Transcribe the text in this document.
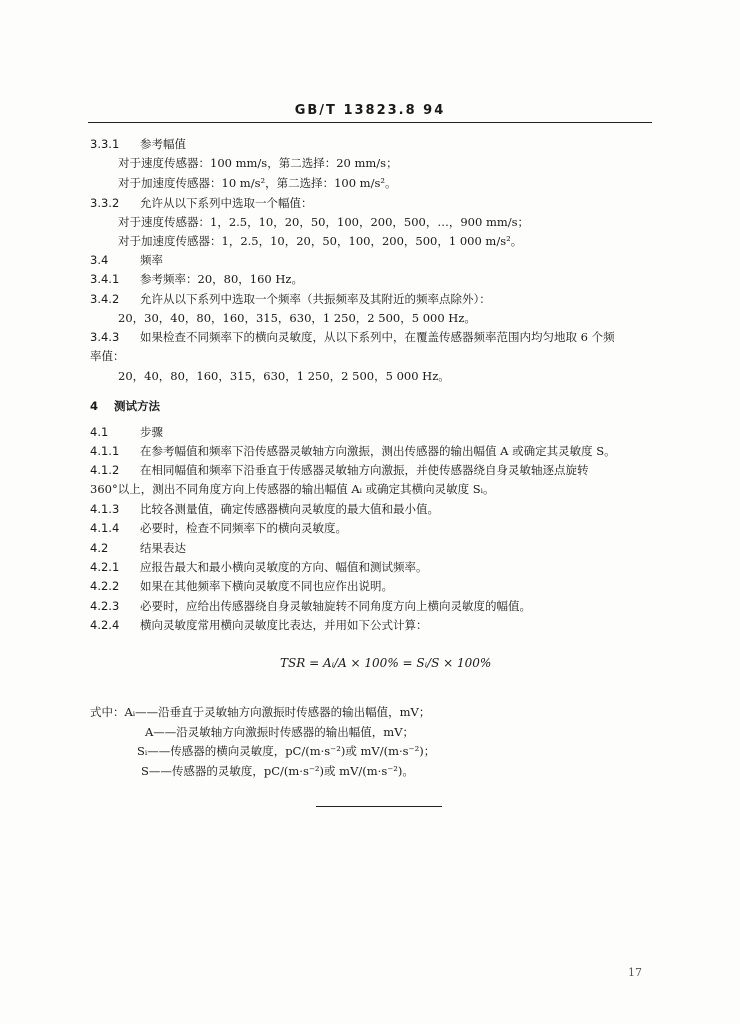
GB/T 13823.8 94
3.3.1 参考幅值
对于速度传感器：100 mm/s，第二选择：20 mm/s；
对于加速度传感器：10 m/s²，第二选择：100 m/s²。
3.3.2 允许从以下系列中选取一个幅值：
对于速度传感器：1，2.5，10，20，50，100，200，500，…，900 mm/s；
对于加速度传感器：1，2.5，10，20，50，100，200，500，1 000 m/s²。
3.4	频率
3.4.1 参考频率：20，80，160 Hz。
3.4.2 允许从以下系列中选取一个频率（共振频率及其附近的频率点除外）：
20，30，40，80，160，315，630，1 250，2 500，5 000 Hz。
3.4.3 如果检查不同频率下的横向灵敏度，从以下系列中，在覆盖传感器频率范围内均匀地取 6 个频
率值：
20，40，80，160，315，630，1 250，2 500，5 000 Hz。
4 测试方法
4.1	步骤
4.1.1 在参考幅值和频率下沿传感器灵敏轴方向激振，测出传感器的输出幅值 A 或确定其灵敏度 S。
4.1.2 在相同幅值和频率下沿垂直于传感器灵敏轴方向激振，并使传感器绕自身灵敏轴逐点旋转
360°以上，测出不同角度方向上传感器的输出幅值 Aᵢ 或确定其横向灵敏度 Sᵢ。
4.1.3 比较各测量值，确定传感器横向灵敏度的最大值和最小值。
4.1.4 必要时，检查不同频率下的横向灵敏度。
4.2	结果表达
4.2.1 应报告最大和最小横向灵敏度的方向、幅值和测试频率。
4.2.2 如果在其他频率下横向灵敏度不同也应作出说明。
4.2.3 必要时，应给出传感器绕自身灵敏轴旋转不同角度方向上横向灵敏度的幅值。
4.2.4 横向灵敏度常用横向灵敏度比表达，并用如下公式计算：
TSR = Aᵢ/A × 100% = Sᵢ/S × 100%
式中：Aᵢ——沿垂直于灵敏轴方向激振时传感器的输出幅值，mV；
A——沿灵敏轴方向激振时传感器的输出幅值，mV；
Sᵢ——传感器的横向灵敏度，pC/(m·s⁻²)或 mV/(m·s⁻²)；
S——传感器的灵敏度，pC/(m·s⁻²)或 mV/(m·s⁻²)。
17
